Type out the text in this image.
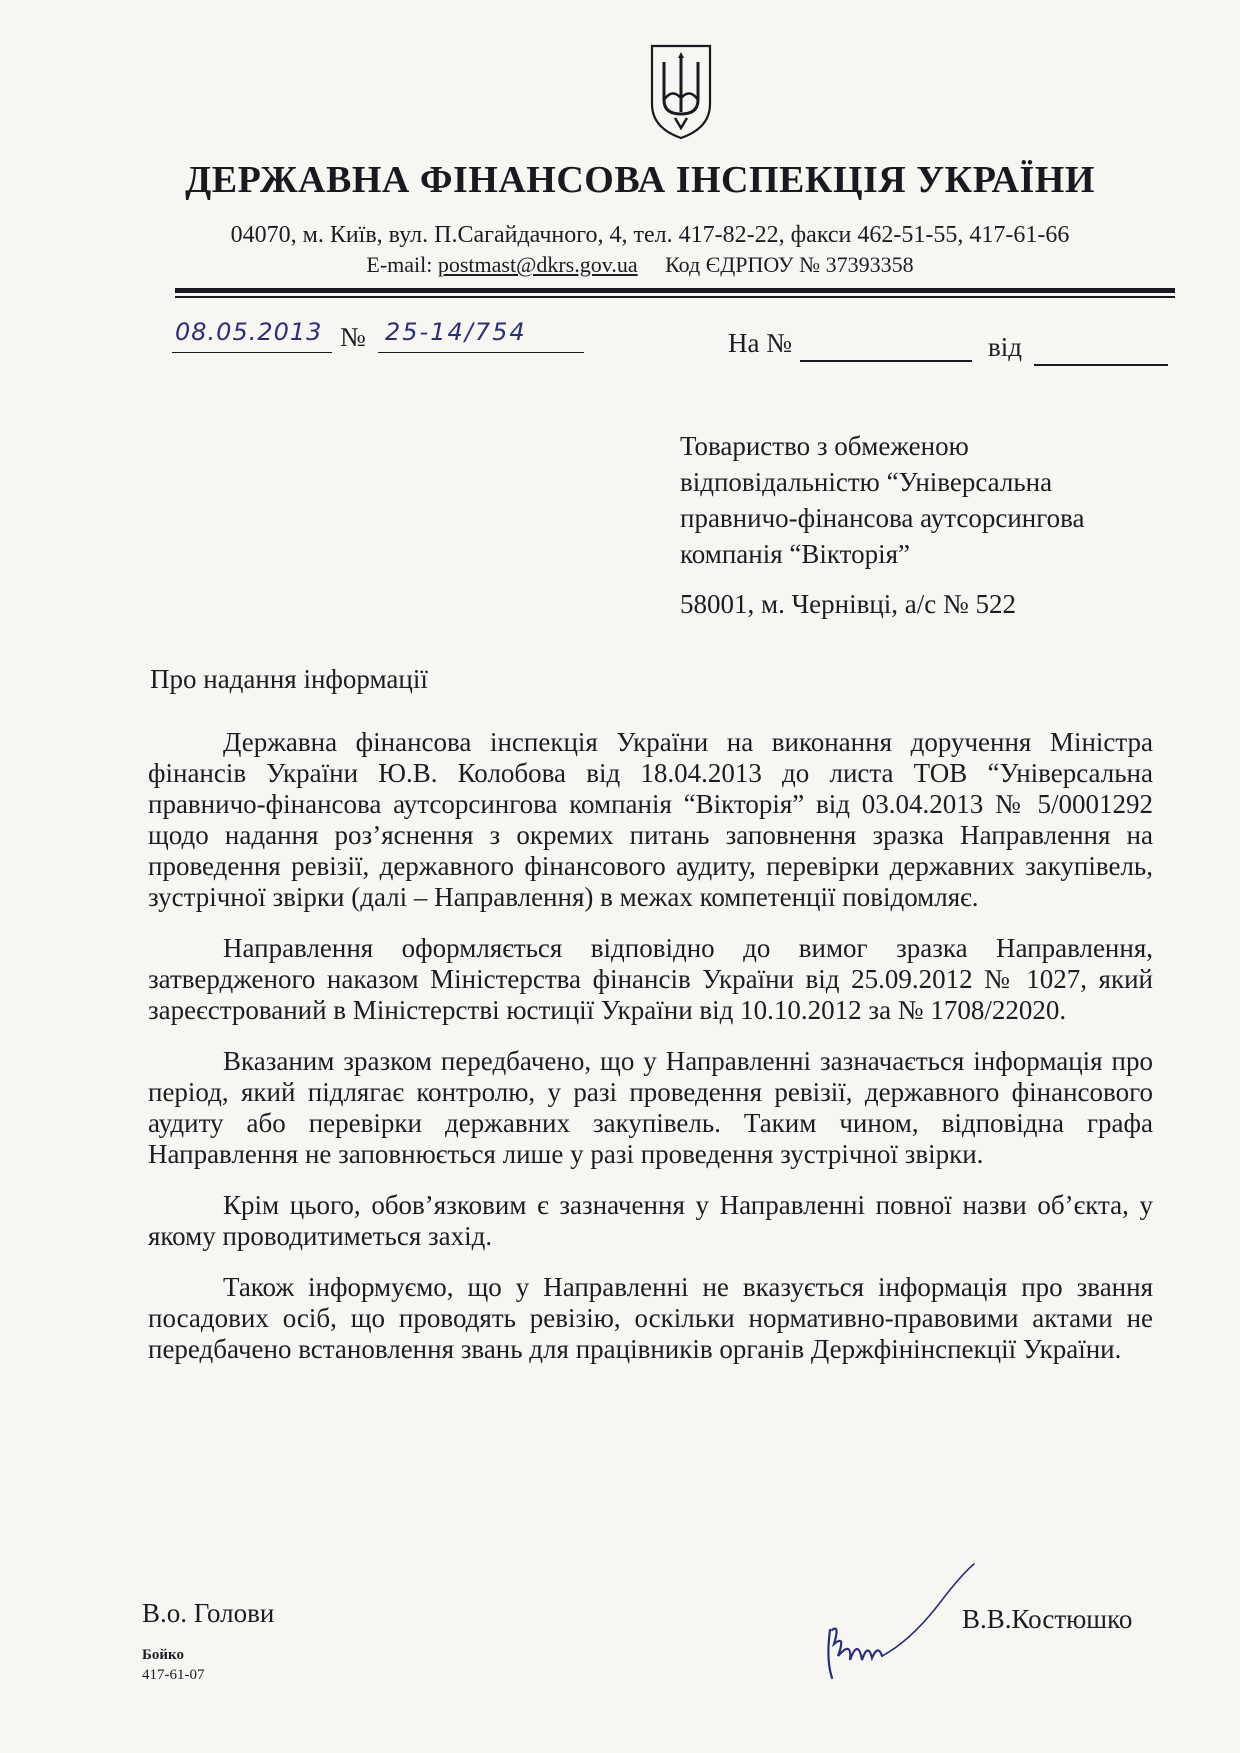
ДЕРЖАВНА ФІНАНСОВА ІНСПЕКЦІЯ УКРАЇНИ
04070, м. Київ, вул. П.Сагайдачного, 4, тел. 417-82-22, факси 462-51-55, 417-61-66
E-mail: postmast@dkrs.gov.ua Код ЄДРПОУ № 37393358
08.05.2013 № 25-14/754	На №	від
Товариство з обмеженою
відповідальністю “Універсальна
правничо-фінансова аутсорсингова
компанія “Вікторія”
58001, м. Чернівці, а/с № 522
Про надання інформації

Державна фінансова інспекція України на виконання доручення Міністра фінансів України Ю.В. Колобова від 18.04.2013 до листа ТОВ “Універсальна правничо-фінансова аутсорсингова компанія “Вікторія” від 03.04.2013 № 5/0001292 щодо надання роз’яснення з окремих питань заповнення зразка Направлення на проведення ревізії, державного фінансового аудиту, перевірки державних закупівель, зустрічної звірки (далі – Направлення) в межах компетенції повідомляє.

Направлення оформляється відповідно до вимог зразка Направлення, затвердженого наказом Міністерства фінансів України від 25.09.2012 № 1027, який зареєстрований в Міністерстві юстиції України від 10.10.2012 за № 1708/22020.

Вказаним зразком передбачено, що у Направленні зазначається інформація про період, який підлягає контролю, у разі проведення ревізії, державного фінансового аудиту або перевірки державних закупівель. Таким чином, відповідна графа Направлення не заповнюється лише у разі проведення зустрічної звірки.

Крім цього, обов’язковим є зазначення у Направленні повної назви об’єкта, у якому проводитиметься захід.

Також інформуємо, що у Направленні не вказується інформація про звання посадових осіб, що проводять ревізію, оскільки нормативно-правовими актами не передбачено встановлення звань для працівників органів Держфінінспекції України.

В.о. Голови	В.В.Костюшко
Бойко
417-61-07
